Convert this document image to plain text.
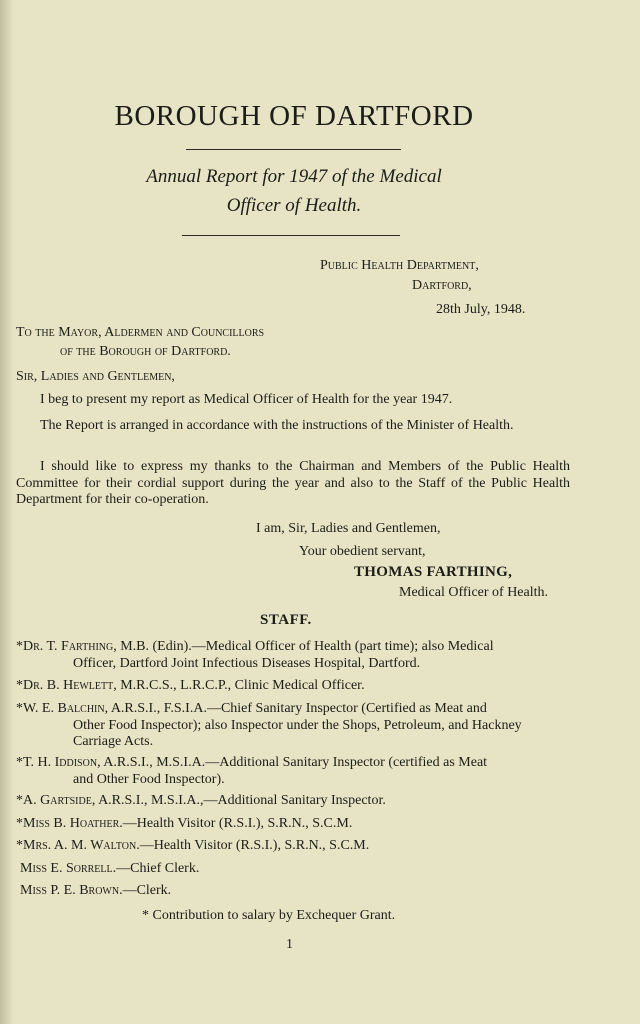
BOROUGH OF DARTFORD
Annual Report for 1947 of the Medical
Officer of Health.
Public Health Department,
Dartford,
28th July, 1948.
To the Mayor, Aldermen and Councillors
of the Borough of Dartford.
Sir, Ladies and Gentlemen,
I beg to present my report as Medical Officer of Health for the year 1947.
The Report is arranged in accordance with the instructions of the Minister of Health.
I should like to express my thanks to the Chairman and Members of the Public Health Committee for their cordial support during the year and also to the Staff of the Public Health Department for their co-operation.
I am, Sir, Ladies and Gentlemen,
Your obedient servant,
THOMAS FARTHING,
Medical Officer of Health.
STAFF.
*Dr. T. Farthing, M.B. (Edin).—Medical Officer of Health (part time); also Medical
Officer, Dartford Joint Infectious Diseases Hospital, Dartford.
*Dr. B. Hewlett, M.R.C.S., L.R.C.P., Clinic Medical Officer.
*W. E. Balchin, A.R.S.I., F.S.I.A.—Chief Sanitary Inspector (Certified as Meat and
Other Food Inspector); also Inspector under the Shops, Petroleum, and Hackney Carriage Acts.
*T. H. Iddison, A.R.S.I., M.S.I.A.—Additional Sanitary Inspector (certified as Meat
and Other Food Inspector).
*A. Gartside, A.R.S.I., M.S.I.A.,—Additional Sanitary Inspector.
*Miss B. Hoather.—Health Visitor (R.S.I.), S.R.N., S.C.M.
*Mrs. A. M. Walton.—Health Visitor (R.S.I.), S.R.N., S.C.M.
Miss E. Sorrell.—Chief Clerk.
Miss P. E. Brown.—Clerk.
* Contribution to salary by Exchequer Grant.
1
